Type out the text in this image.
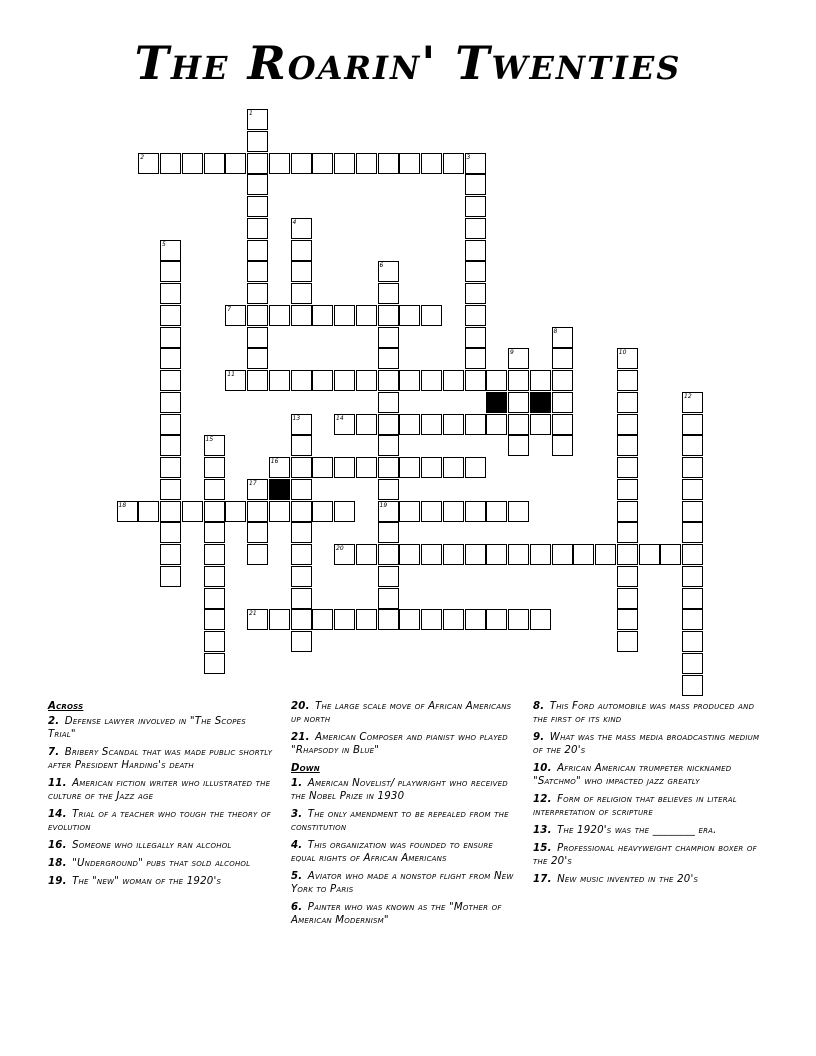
The Roarin' Twenties
1
2	3
4
5
6
19
7
8
9	10
11
12
13	14
15
16
17
18
20
21
Across
2. Defense lawyer involved in "The Scopes Trial"
7. Bribery Scandal that was made public shortly after President Harding's death
11. American fiction writer who illustrated the culture of the Jazz age
14. Trial of a teacher who tough the theory of evolution
16. Someone who illegally ran alcohol
18. "Underground" pubs that sold alcohol
19. The "new" woman of the 1920's
20. The large scale move of African Americans up north
21. American Composer and pianist who played "Rhapsody in Blue"
Down
1. American Novelist/ playwright who received the Nobel Prize in 1930
3. The only amendment to be repealed from the constitution
4. This organization was founded to ensure equal rights of African Americans
5. Aviator who made a nonstop flight from New York to Paris
6. Painter who was known as the "Mother of American Modernism"
8. This Ford automobile was mass produced and the first of its kind
9. What was the mass media broadcasting medium of the 20's
10. African American trumpeter nicknamed "Satchmo" who impacted jazz greatly
12. Form of religion that believes in literal interpretation of scripture
13. The 1920's was the ________ era.
15. Professional heavyweight champion boxer of the 20's
17. New music invented in the 20's
